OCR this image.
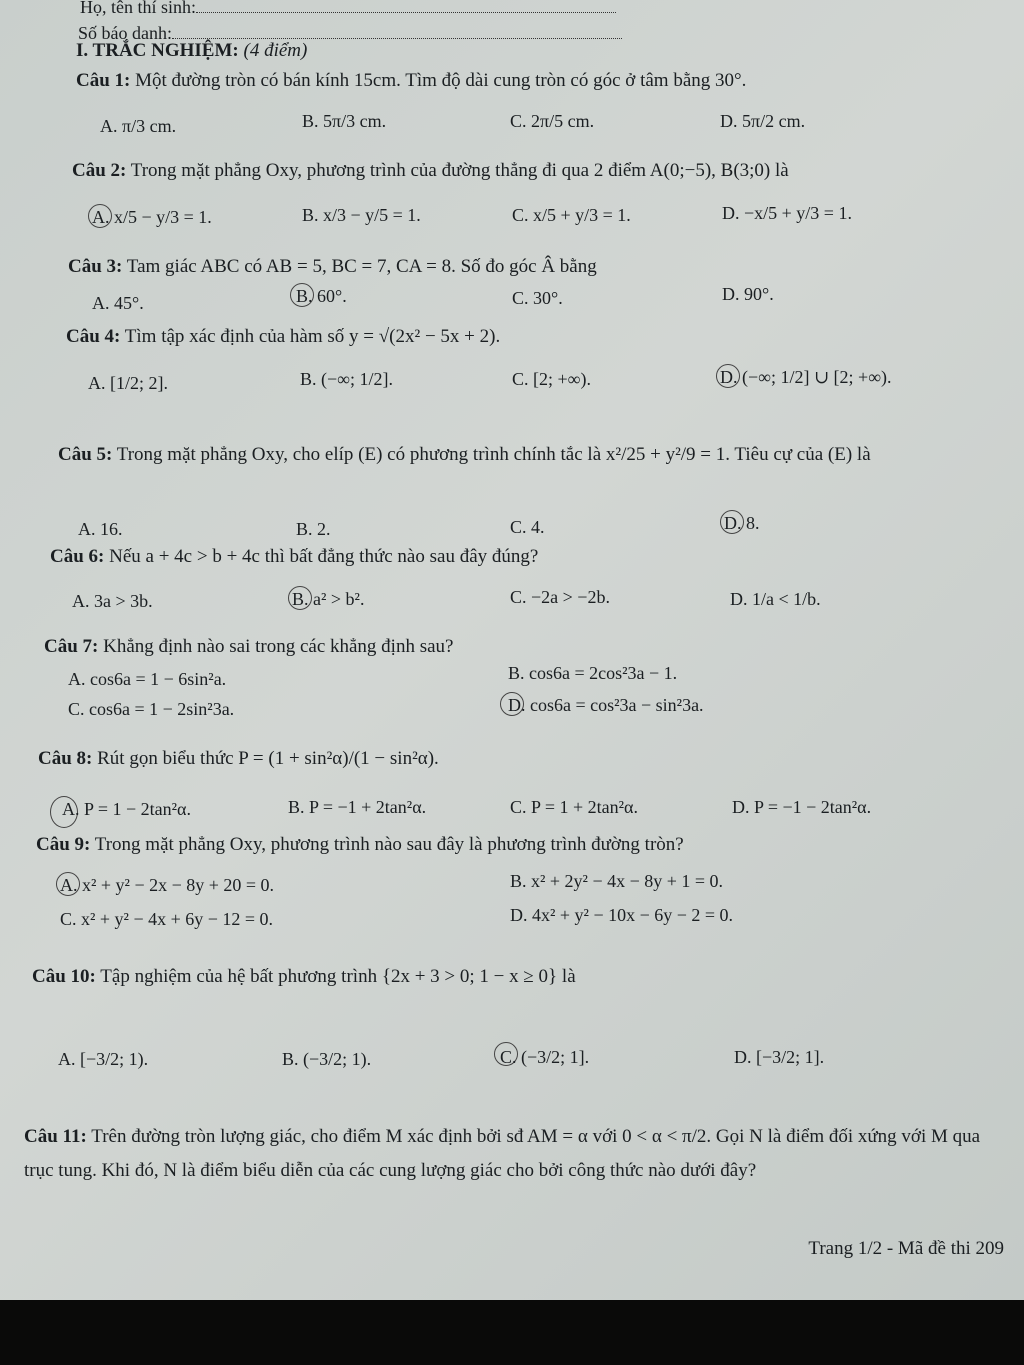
Họ, tên thí sinh:
Số báo danh:
I. TRẮC NGHIỆM: (4 điểm)
Câu 1: Một đường tròn có bán kính 15cm. Tìm độ dài cung tròn có góc ở tâm bằng 30°.
A. π/3 cm.	B. 5π/3 cm.	C. 2π/5 cm.	D. 5π/2 cm.
Câu 2: Trong mặt phẳng Oxy, phương trình của đường thẳng đi qua 2 điểm A(0;−5), B(3;0) là
A. x/5 − y/3 = 1.	B. x/3 − y/5 = 1.	C. x/5 + y/3 = 1.	D. −x/5 + y/3 = 1.
Câu 3: Tam giác ABC có AB = 5, BC = 7, CA = 8. Số đo góc Â bằng
A. 45°.	B. 60°.	C. 30°.	D. 90°.
Câu 4: Tìm tập xác định của hàm số y = √(2x² − 5x + 2).
A. [1/2; 2].	B. (−∞; 1/2].	C. [2; +∞).	D. (−∞; 1/2] ∪ [2; +∞).
Câu 5: Trong mặt phẳng Oxy, cho elíp (E) có phương trình chính tắc là x²/25 + y²/9 = 1. Tiêu cự của (E) là
A. 16.	B. 2.	C. 4.	D. 8.
Câu 6: Nếu a + 4c > b + 4c thì bất đẳng thức nào sau đây đúng?
A. 3a > 3b.	B. a² > b².	C. −2a > −2b.	D. 1/a < 1/b.
Câu 7: Khẳng định nào sai trong các khẳng định sau?
A. cos6a = 1 − 6sin²a.	B. cos6a = 2cos²3a − 1.
C. cos6a = 1 − 2sin²3a.	D. cos6a = cos²3a − sin²3a.
Câu 8: Rút gọn biểu thức P = (1 + sin²α)/(1 − sin²α).
A. P = 1 − 2tan²α.	B. P = −1 + 2tan²α.	C. P = 1 + 2tan²α.	D. P = −1 − 2tan²α.
Câu 9: Trong mặt phẳng Oxy, phương trình nào sau đây là phương trình đường tròn?
A. x² + y² − 2x − 8y + 20 = 0.	B. x² + 2y² − 4x − 8y + 1 = 0.
C. x² + y² − 4x + 6y − 12 = 0.	D. 4x² + y² − 10x − 6y − 2 = 0.
Câu 10: Tập nghiệm của hệ bất phương trình {2x + 3 > 0; 1 − x ≥ 0} là
A. [−3/2; 1).	B. (−3/2; 1).	C. (−3/2; 1].	D. [−3/2; 1].
Câu 11: Trên đường tròn lượng giác, cho điểm M xác định bởi sđ AM = α với 0 < α < π/2. Gọi N là điểm đối xứng với M qua trục tung. Khi đó, N là điểm biểu diễn của các cung lượng giác cho bởi công thức nào dưới đây?
Trang 1/2 - Mã đề thi 209
